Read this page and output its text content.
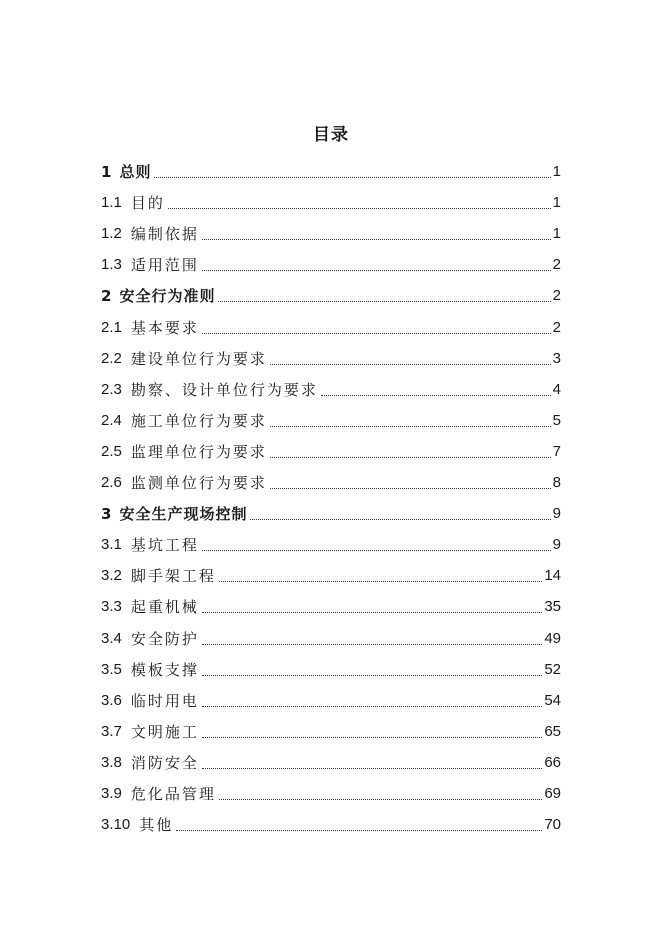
目录
1 总则	1
1.1 目的	1
1.2 编制依据	1
1.3 适用范围	2
2 安全行为准则	2
2.1 基本要求	2
2.2 建设单位行为要求	3
2.3 勘察、设计单位行为要求	4
2.4 施工单位行为要求	5
2.5 监理单位行为要求	7
2.6 监测单位行为要求	8
3 安全生产现场控制	9
3.1 基坑工程	9
3.2 脚手架工程	14
3.3 起重机械	35
3.4 安全防护	49
3.5 模板支撑	52
3.6 临时用电	54
3.7 文明施工	65
3.8 消防安全	66
3.9 危化品管理	69
3.10 其他	70
